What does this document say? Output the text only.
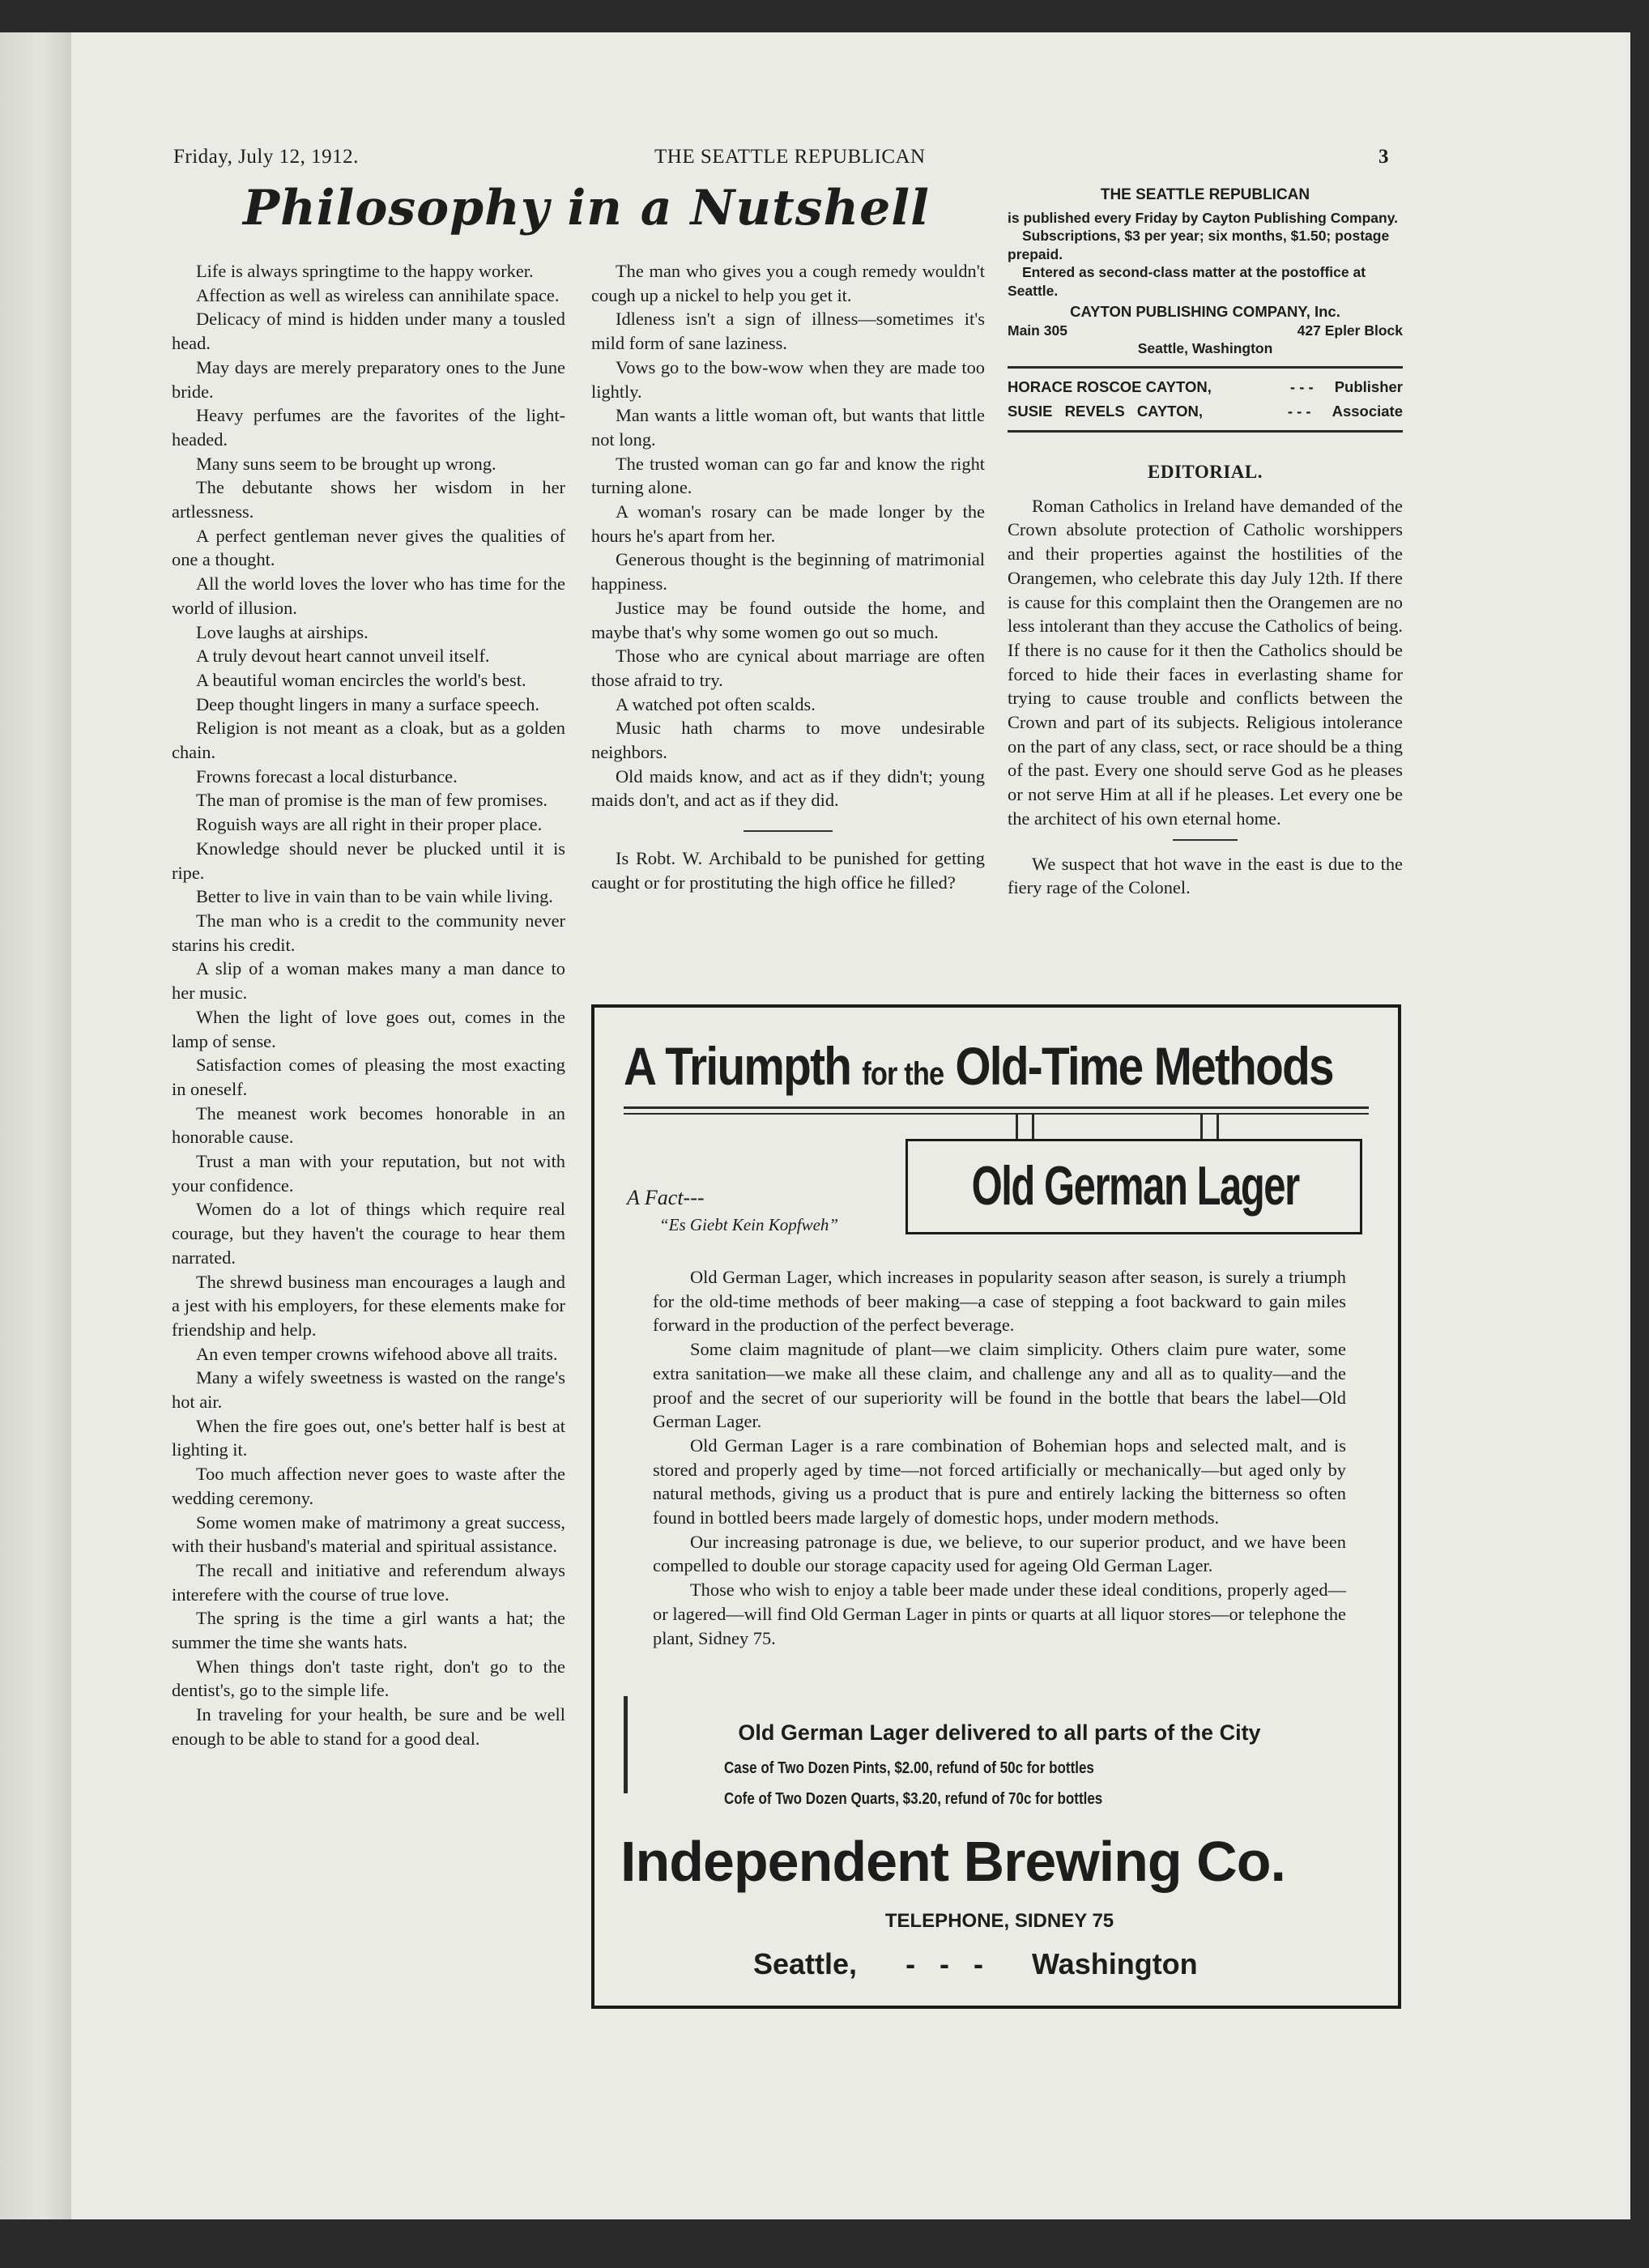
Friday, July 12, 1912.	THE SEATTLE REPUBLICAN	3
Philosophy in a Nutshell

Life is always springtime to the happy worker.

Affection as well as wireless can annihilate space.

Delicacy of mind is hidden under many a tousled head.

May days are merely preparatory ones to the June bride.

Heavy perfumes are the favorites of the light-headed.

Many suns seem to be brought up wrong.

The debutante shows her wisdom in her artlessness.

A perfect gentleman never gives the qualities of one a thought.

All the world loves the lover who has time for the world of illusion.

Love laughs at airships.

A truly devout heart cannot unveil itself.

A beautiful woman encircles the world's best.

Deep thought lingers in many a surface speech.

Religion is not meant as a cloak, but as a golden chain.

Frowns forecast a local disturbance.

The man of promise is the man of few promises.

Roguish ways are all right in their proper place.

Knowledge should never be plucked until it is ripe.

Better to live in vain than to be vain while living.

The man who is a credit to the community never starins his credit.

A slip of a woman makes many a man dance to her music.

When the light of love goes out, comes in the lamp of sense.

Satisfaction comes of pleasing the most exacting in oneself.

The meanest work becomes honorable in an honorable cause.

Trust a man with your reputation, but not with your confidence.

Women do a lot of things which require real courage, but they haven't the courage to hear them narrated.

The shrewd business man encourages a laugh and a jest with his employers, for these elements make for friendship and help.

An even temper crowns wifehood above all traits.

Many a wifely sweetness is wasted on the range's hot air.

When the fire goes out, one's better half is best at lighting it.

Too much affection never goes to waste after the wedding ceremony.

Some women make of matrimony a great success, with their husband's material and spiritual assistance.

The recall and initiative and referendum always interefere with the course of true love.

The spring is the time a girl wants a hat; the summer the time she wants hats.

When things don't taste right, don't go to the dentist's, go to the simple life.

In traveling for your health, be sure and be well enough to be able to stand for a good deal.

The man who gives you a cough remedy wouldn't cough up a nickel to help you get it.

Idleness isn't a sign of illness—sometimes it's mild form of sane laziness.

Vows go to the bow-wow when they are made too lightly.

Man wants a little woman oft, but wants that little not long.

The trusted woman can go far and know the right turning alone.

A woman's rosary can be made longer by the hours he's apart from her.

Generous thought is the beginning of matrimonial happiness.

Justice may be found outside the home, and maybe that's why some women go out so much.

Those who are cynical about marriage are often those afraid to try.

A watched pot often scalds.

Music hath charms to move undesirable neighbors.

Old maids know, and act as if they didn't; young maids don't, and act as if they did.

Is Robt. W. Archibald to be punished for getting caught or for prostituting the high office he filled?

THE SEATTLE REPUBLICAN
is published every Friday by Cayton Publishing Company.
Subscriptions, $3 per year; six months, $1.50; postage prepaid.
Entered as second-class matter at the postoffice at Seattle.
CAYTON PUBLISHING COMPANY, Inc.
Main 305	427 Epler Block
Seattle, Washington
HORACE ROSCOE CAYTON,	- - - Publisher
SUSIE REVELS CAYTON,	- - - Associate
EDITORIAL.

Roman Catholics in Ireland have demanded of the Crown absolute protection of Catholic worshippers and their properties against the hostilities of the Orangemen, who celebrate this day July 12th. If there is cause for this complaint then the Orangemen are no less intolerant than they accuse the Catholics of being. If there is no cause for it then the Catholics should be forced to hide their faces in everlasting shame for trying to cause trouble and conflicts between the Crown and part of its subjects. Religious intolerance on the part of any class, sect, or race should be a thing of the past. Every one should serve God as he pleases or not serve Him at all if he pleases. Let every one be the architect of his own eternal home.

We suspect that hot wave in the east is due to the fiery rage of the Colonel.

A Triumpth for the Old-Time Methods
A Fact---
“Es Giebt Kein Kopfweh”
Old German Lager

Old German Lager, which increases in popularity season after season, is surely a triumph for the old-time methods of beer making—a case of stepping a foot backward to gain miles forward in the production of the perfect beverage.

Some claim magnitude of plant—we claim simplicity. Others claim pure water, some extra sanitation—we make all these claim, and challenge any and all as to quality—and the proof and the secret of our superiority will be found in the bottle that bears the label—Old German Lager.

Old German Lager is a rare combination of Bohemian hops and selected malt, and is stored and properly aged by time—not forced artificially or mechanically—but aged only by natural methods, giving us a product that is pure and entirely lacking the bitterness so often found in bottled beers made largely of domestic hops, under modern methods.

Our increasing patronage is due, we believe, to our superior product, and we have been compelled to double our storage capacity used for ageing Old German Lager.

Those who wish to enjoy a table beer made under these ideal conditions, properly aged—or lagered—will find Old German Lager in pints or quarts at all liquor stores—or telephone the plant, Sidney 75.

Old German Lager delivered to all parts of the City
Case of Two Dozen Pints, $2.00, refund of 50c for bottles
Cofe of Two Dozen Quarts, $3.20, refund of 70c for bottles
Independent Brewing Co.
TELEPHONE, SIDNEY 75
Seattle, - - - Washington
